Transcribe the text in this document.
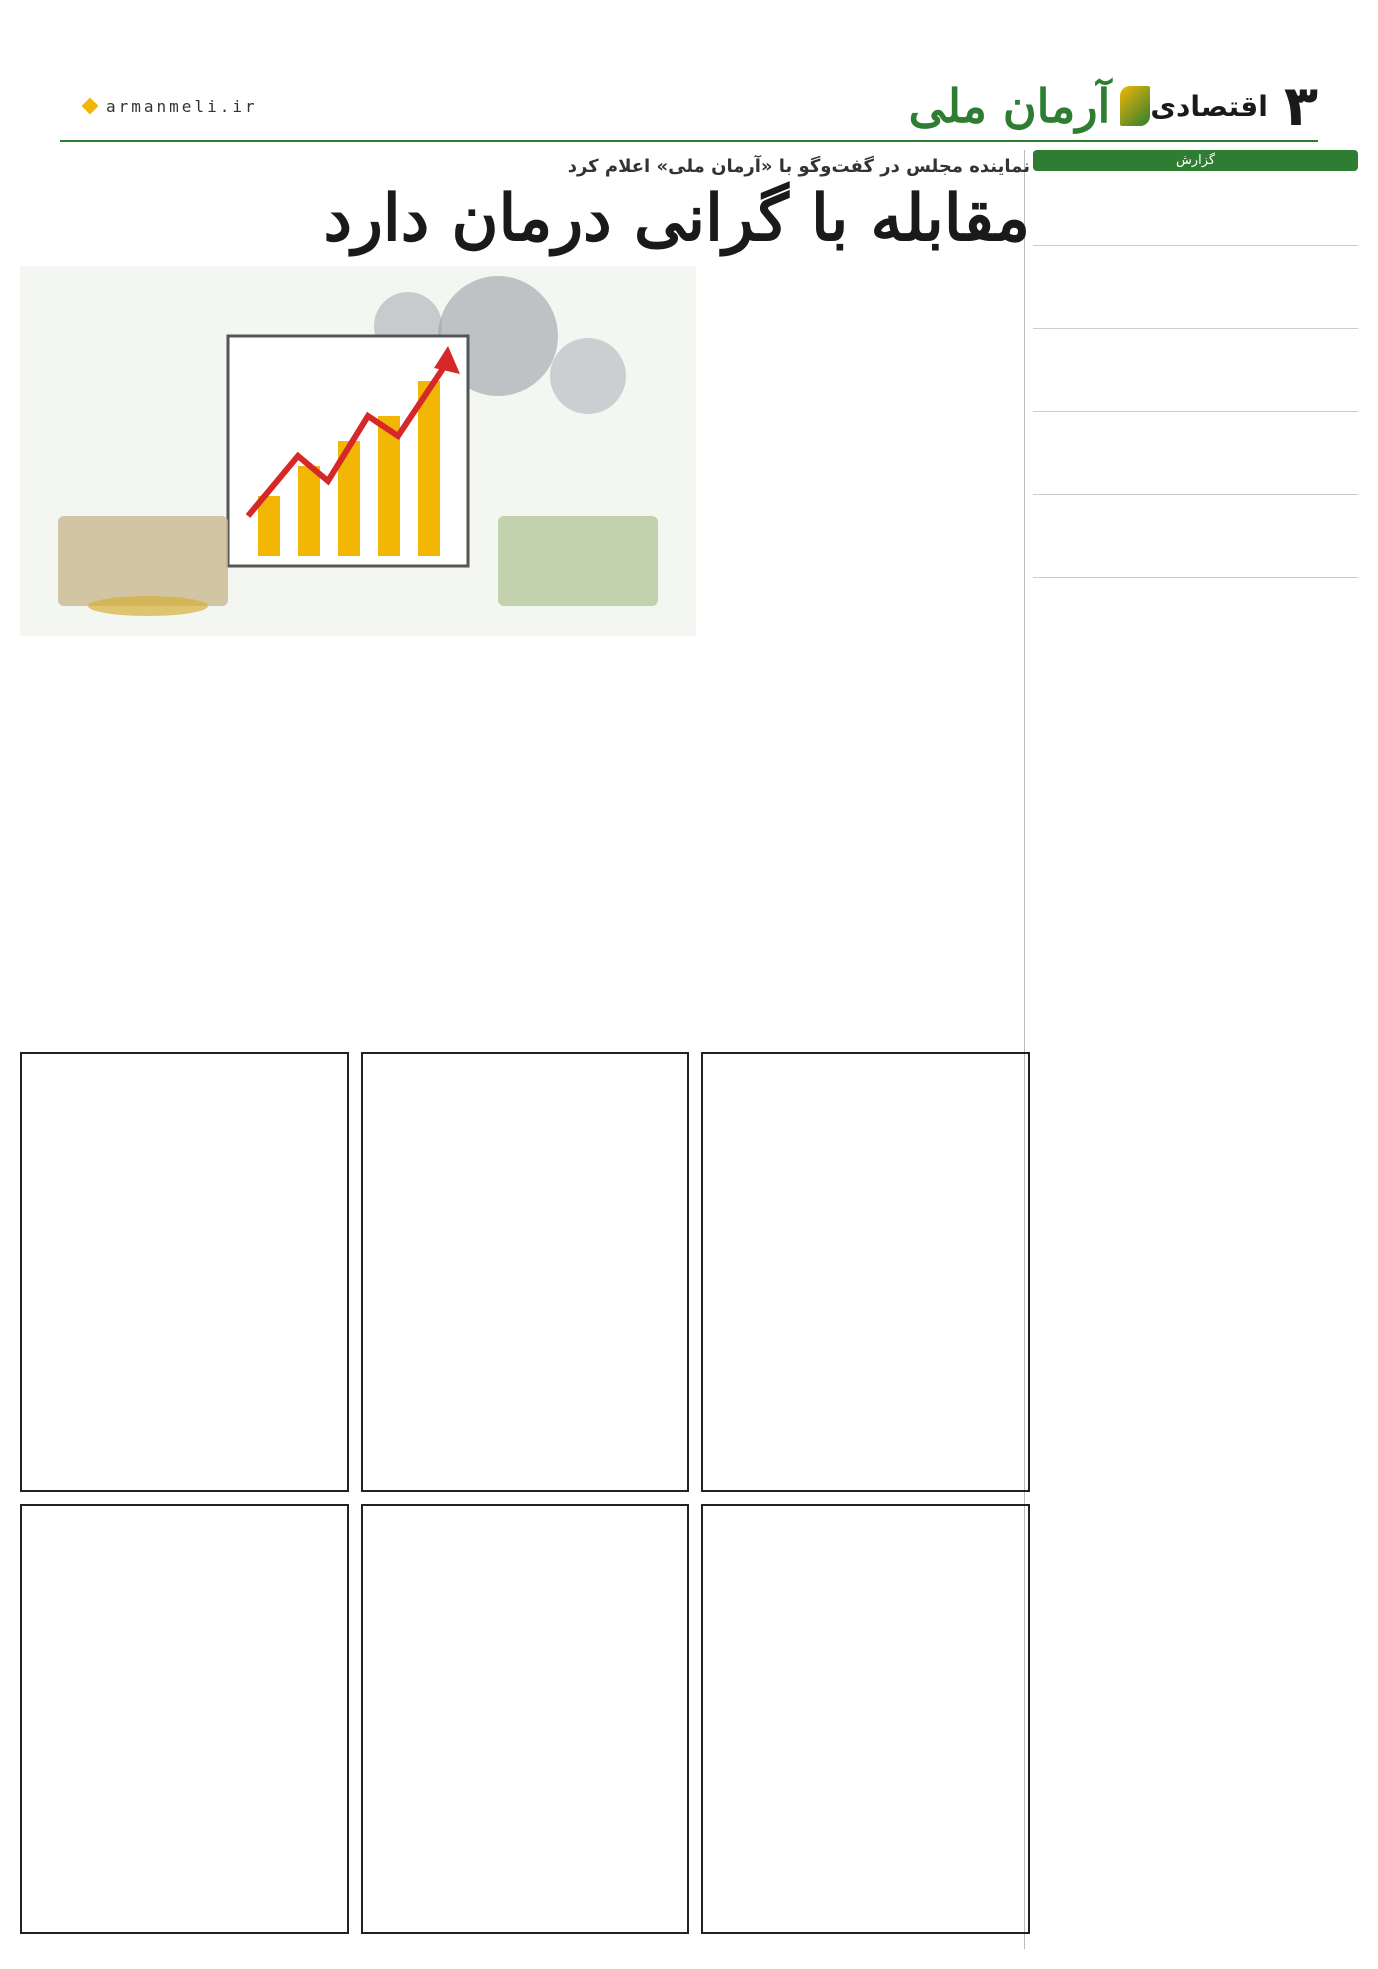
۳
اقتصادی
آرمان ملی
armanmeli.ir
گزارش

نماینده مجلس در گفت‌وگو با «آرمان ملی» اعلام کرد

مقابله با گرانی درمان دارد
